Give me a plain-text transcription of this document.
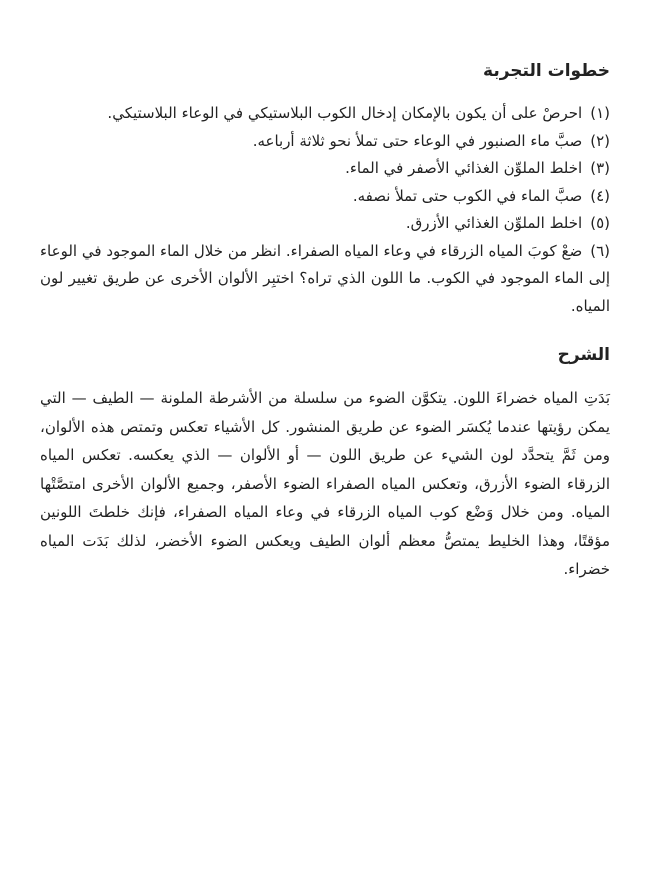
خطوات التجربة
(١)احرصْ على أن يكون بالإمكان إدخال الكوب البلاستيكي في الوعاء البلاستيكي.
(٢)صبَّ ماء الصنبور في الوعاء حتى تملأ نحو ثلاثة أرباعه.
(٣)اخلط الملوِّن الغذائي الأصفر في الماء.
(٤)صبَّ الماء في الكوب حتى تملأ نصفه.
(٥)اخلط الملوِّن الغذائي الأزرق.
(٦)ضعْ كوبَ المياه الزرقاء في وعاء المياه الصفراء. انظر من خلال الماء الموجود في الوعاء إلى الماء الموجود في الكوب. ما اللون الذي تراه؟ اختبِر الألوان الأخرى عن طريق تغيير لون المياه.
الشرح

بَدَتِ المياه خضراءَ اللون. يتكوَّن الضوء من سلسلة من الأشرطة الملونة — الطيف — التي يمكن رؤيتها عندما يُكسَر الضوء عن طريق المنشور. كل الأشياء تعكس وتمتص هذه الألوان، ومن ثَمَّ يتحدَّد لون الشيء عن طريق اللون — أو الألوان — الذي يعكسه. تعكس المياه الزرقاء الضوء الأزرق، وتعكس المياه الصفراء الضوء الأصفر، وجميع الألوان الأخرى امتصَّتْها المياه. ومن خلال وَضْع كوب المياه الزرقاء في وعاء المياه الصفراء، فإنك خلطتَ اللونين مؤقتًا، وهذا الخليط يمتصُّ معظم ألوان الطيف ويعكس الضوء الأخضر، لذلك بَدَت المياه خضراء.
